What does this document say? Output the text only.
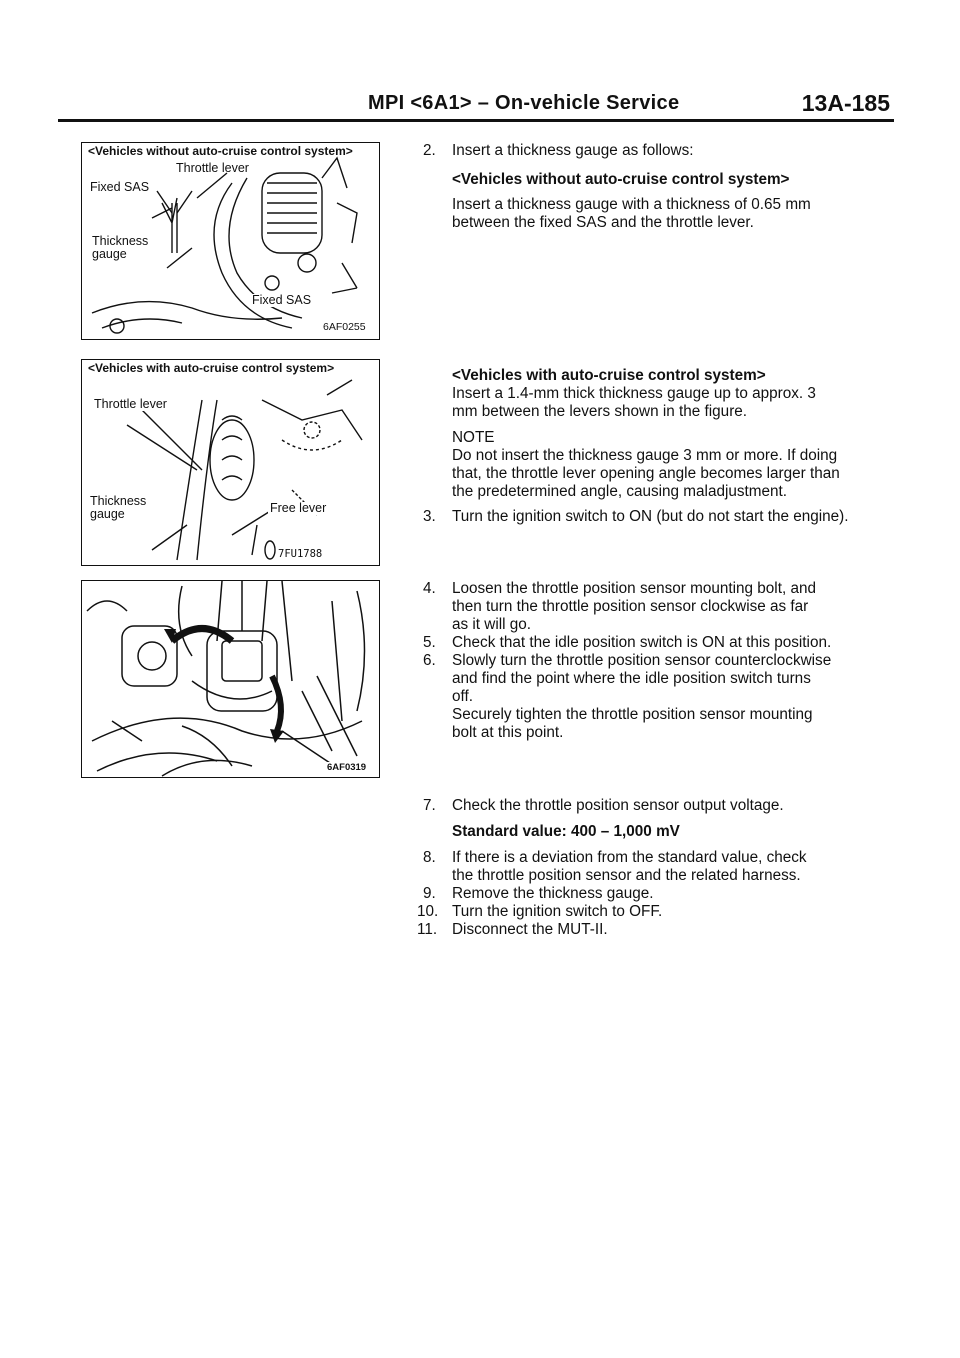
MPI <6A1> – On-vehicle Service	13A-185
<Vehicles without auto-cruise control system>
Throttle lever
Fixed SAS
Thickness gauge
Fixed SAS
6AF0255
<Vehicles with auto-cruise control system>
Throttle lever
Thickness gauge	Free lever
7FU1788
6AF0319
2. Insert a thickness gauge as follows:
<Vehicles without auto-cruise control system>
Insert a thickness gauge with a thickness of 0.65 mm
between the fixed SAS and the throttle lever.
<Vehicles with auto-cruise control system>
Insert a 1.4-mm thick thickness gauge up to approx. 3
mm between the levers shown in the figure.
NOTE
Do not insert the thickness gauge 3 mm or more. If doing
that, the throttle lever opening angle becomes larger than
the predetermined angle, causing maladjustment.
3. Turn the ignition switch to ON (but do not start the engine).
4. Loosen the throttle position sensor mounting bolt, and
then turn the throttle position sensor clockwise as far
as it will go.
5. Check that the idle position switch is ON at this position.
6. Slowly turn the throttle position sensor counterclockwise
and find the point where the idle position switch turns
off.
Securely tighten the throttle position sensor mounting
bolt at this point.
7. Check the throttle position sensor output voltage.
Standard value: 400 – 1,000 mV
8. If there is a deviation from the standard value, check
the throttle position sensor and the related harness.
9. Remove the thickness gauge.
10. Turn the ignition switch to OFF.
11. Disconnect the MUT-II.
